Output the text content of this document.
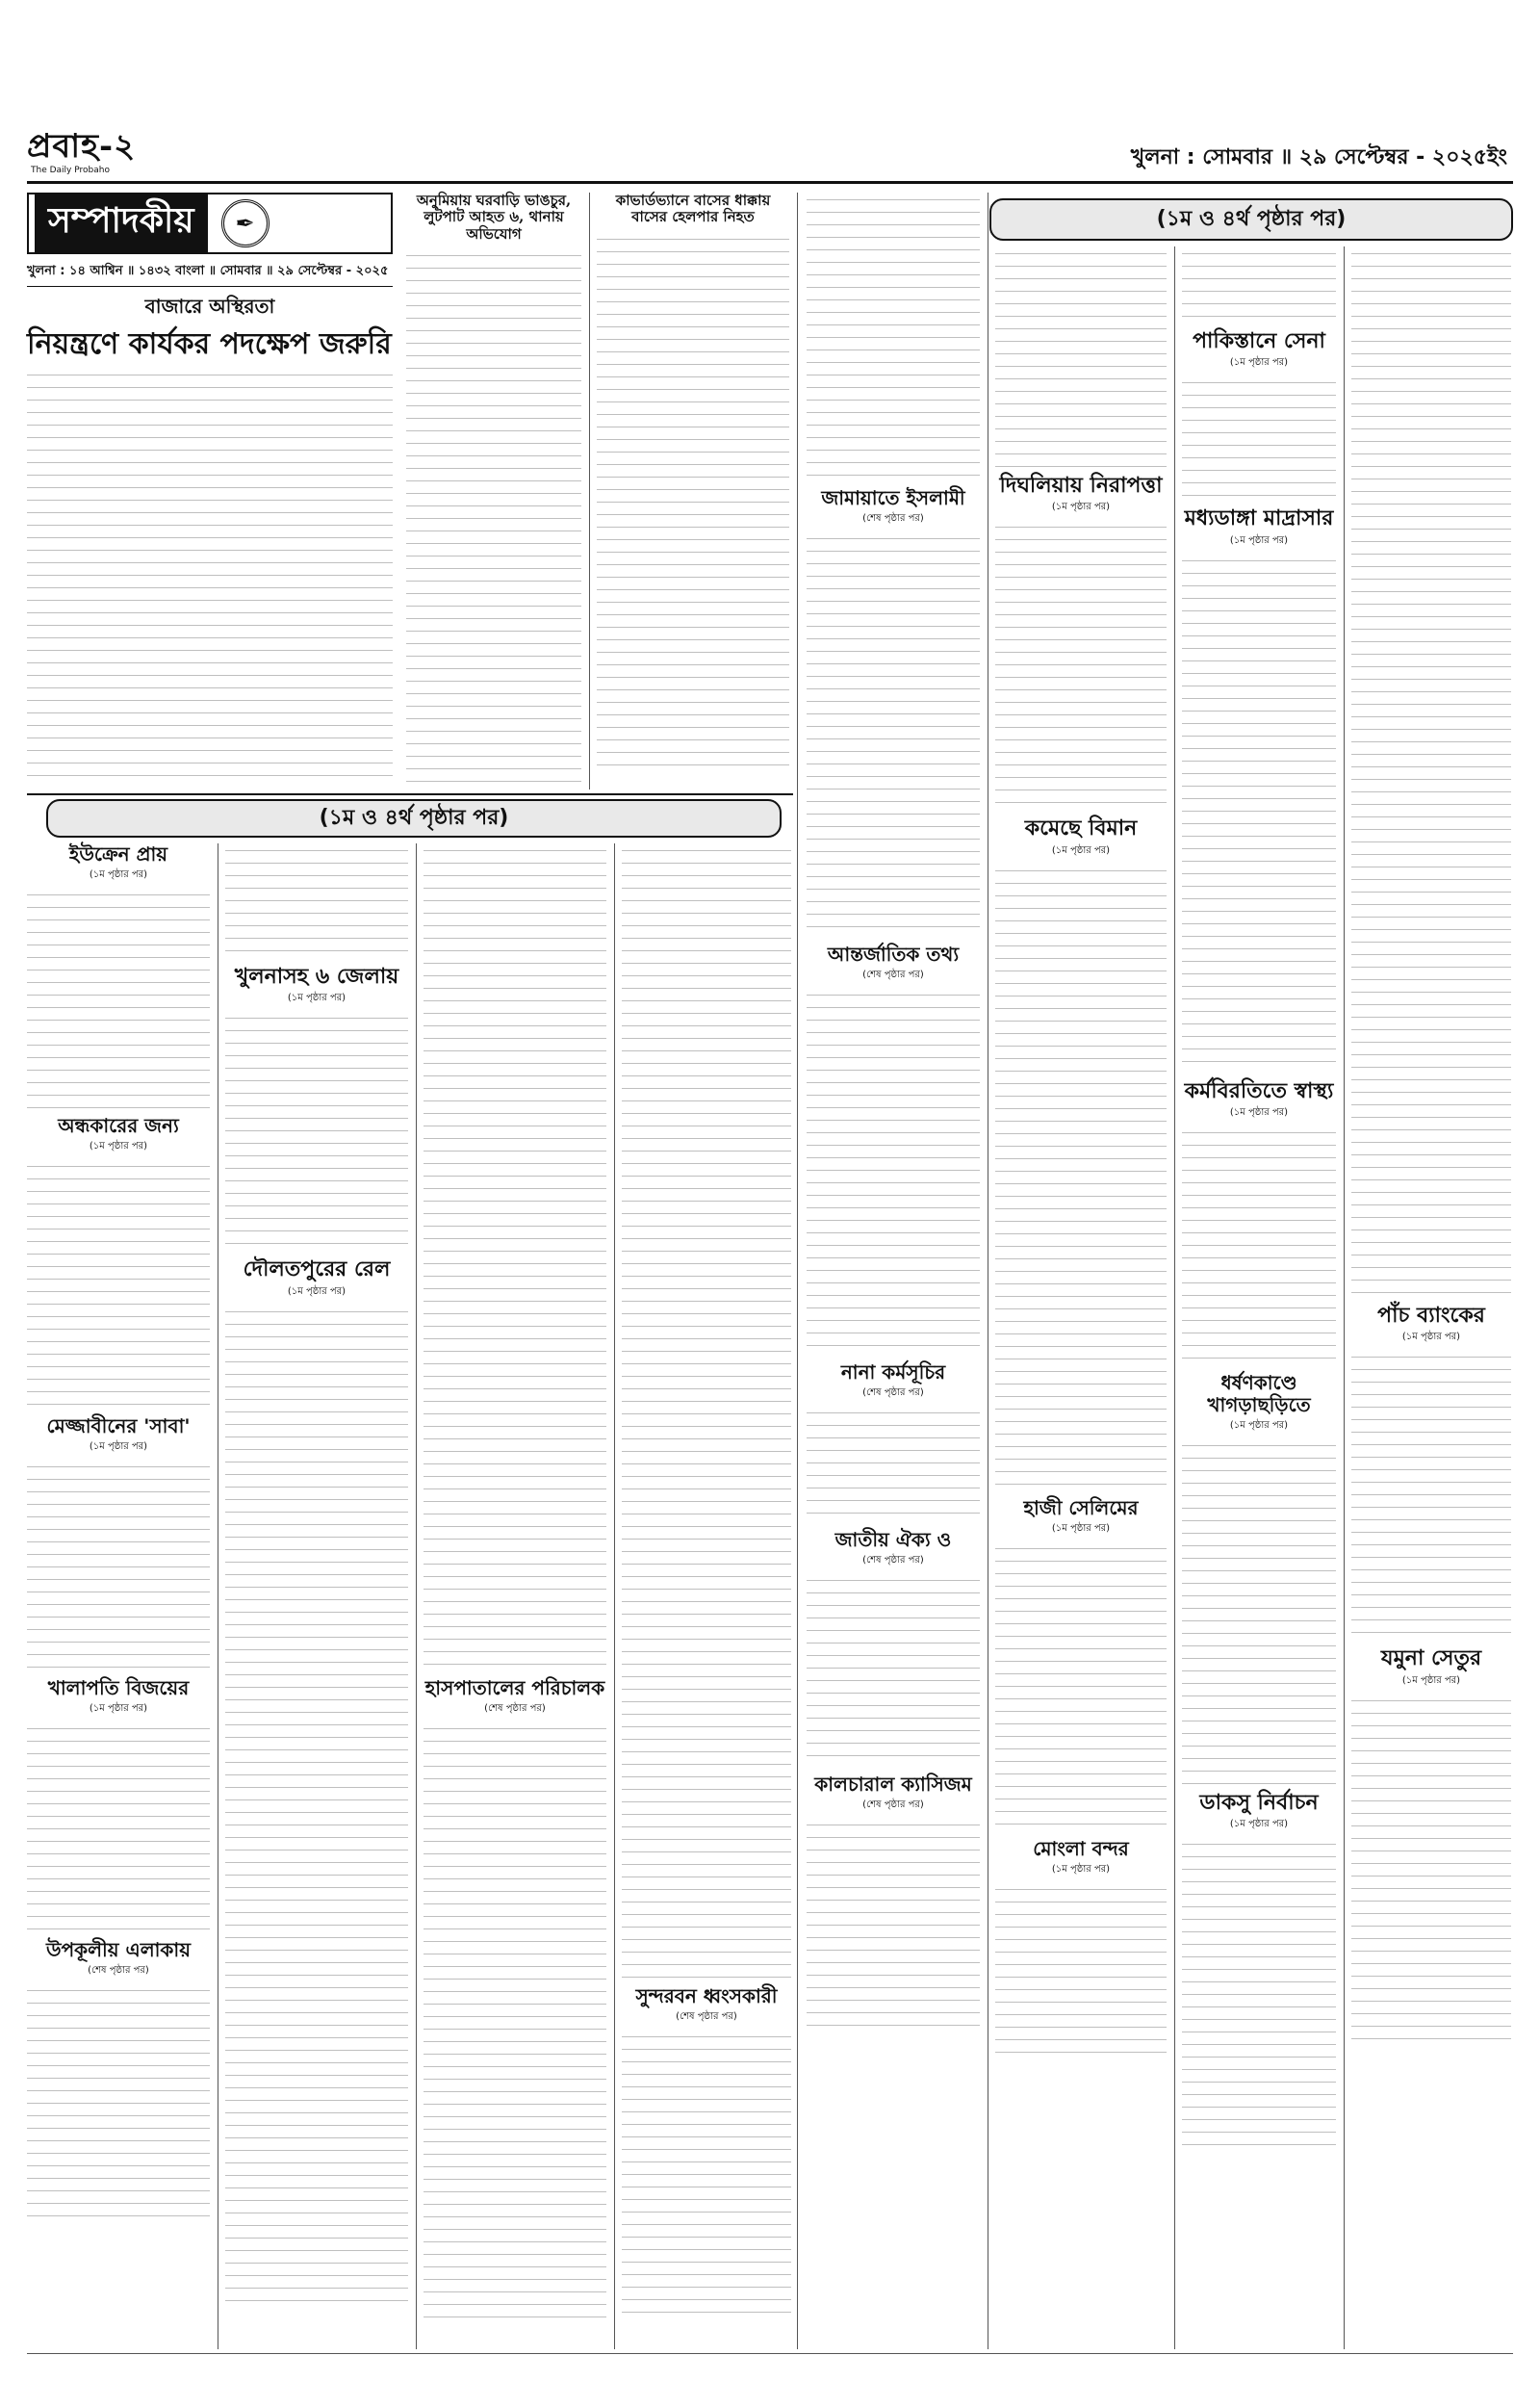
প্রবাহ-২
The Daily Probaho
খুলনা : সোমবার ॥ ২৯ সেপ্টেম্বর - ২০২৫ইং
সম্পাদকীয়	✒
খুলনা : ১৪ আশ্বিন ॥ ১৪৩২ বাংলা ॥ সোমবার ॥ ২৯ সেপ্টেম্বর - ২০২৫
বাজারে অস্থিরতা
নিয়ন্ত্রণে কার্যকর পদক্ষেপ জরুরি
(১ম ও ৪র্থ পৃষ্ঠার পর)
অনুমিয়ায় ঘরবাড়ি ভাঙচুর, লুটপাট আহত ৬, থানায় অভিযোগ
কাভার্ডভ্যানে বাসের ধাক্কায় বাসের হেলপার নিহত
জামায়াতে ইসলামী
(শেষ পৃষ্ঠার পর)
আন্তর্জাতিক তথ্য
(শেষ পৃষ্ঠার পর)
নানা কর্মসূচির
(শেষ পৃষ্ঠার পর)
জাতীয় ঐক্য ও
(শেষ পৃষ্ঠার পর)
কালচারাল ক্যাসিজম
(শেষ পৃষ্ঠার পর)
দিঘলিয়ায় নিরাপত্তা
(১ম পৃষ্ঠার পর)
কমেছে বিমান
(১ম পৃষ্ঠার পর)
হাজী সেলিমের
(১ম পৃষ্ঠার পর)
মোংলা বন্দর
(১ম পৃষ্ঠার পর)
পাকিস্তানে সেনা
(১ম পৃষ্ঠার পর)
মধ্যডাঙ্গা মাদ্রাসার
(১ম পৃষ্ঠার পর)
কর্মবিরতিতে স্বাস্থ্য
(১ম পৃষ্ঠার পর)
ধর্ষণকাণ্ডে খাগড়াছড়িতে
(১ম পৃষ্ঠার পর)
ডাকসু নির্বাচন
(১ম পৃষ্ঠার পর)
পাঁচ ব্যাংকের
(১ম পৃষ্ঠার পর)
যমুনা সেতুর
(১ম পৃষ্ঠার পর)
(১ম ও ৪র্থ পৃষ্ঠার পর)
ইউক্রেন প্রায়
(১ম পৃষ্ঠার পর)
অন্ধকারের জন্য
(১ম পৃষ্ঠার পর)
মেজ্জাবীনের 'সাবা'
(১ম পৃষ্ঠার পর)
খালাপতি বিজয়ের
(১ম পৃষ্ঠার পর)
উপকূলীয় এলাকায়
(শেষ পৃষ্ঠার পর)
খুলনাসহ ৬ জেলায়
(১ম পৃষ্ঠার পর)
দৌলতপুরের রেল
(১ম পৃষ্ঠার পর)
হাসপাতালের পরিচালক
(শেষ পৃষ্ঠার পর)
সুন্দরবন ধ্বংসকারী
(শেষ পৃষ্ঠার পর)
